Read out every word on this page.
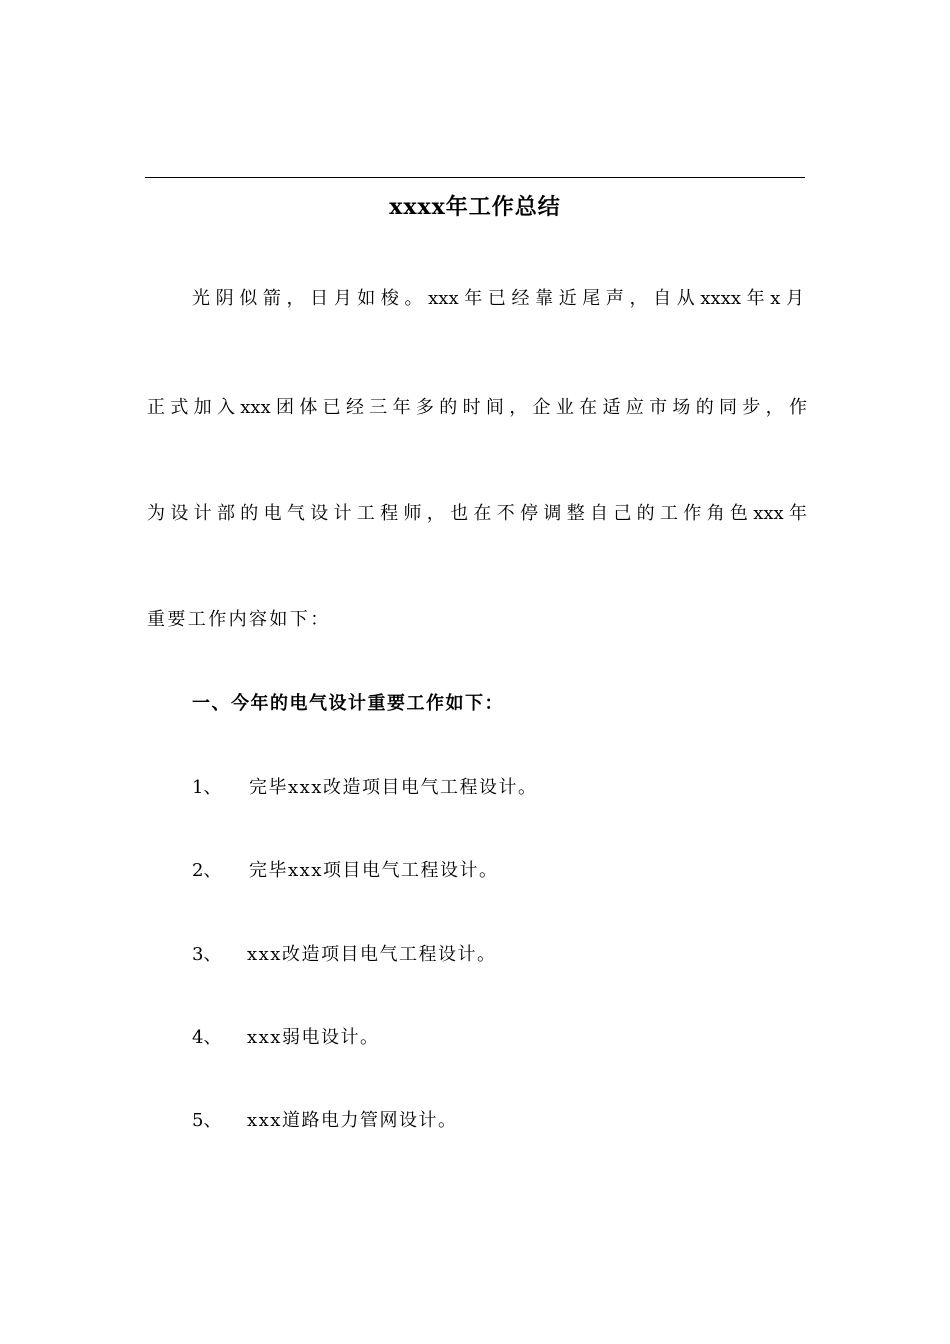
xxxx年工作总结
光阴似箭，日月如梭。xxx年已经靠近尾声，自从xxxx年x月
正式加入xxx团体已经三年多的时间，企业在适应市场的同步，作
为设计部的电气设计工程师，也在不停调整自己的工作角色xxx年
重要工作内容如下：
一、今年的电气设计重要工作如下：
1、 完毕xxx改造项目电气工程设计。
2、 完毕xxx项目电气工程设计。
3、 xxx改造项目电气工程设计。
4、 xxx弱电设计。
5、 xxx道路电力管网设计。
